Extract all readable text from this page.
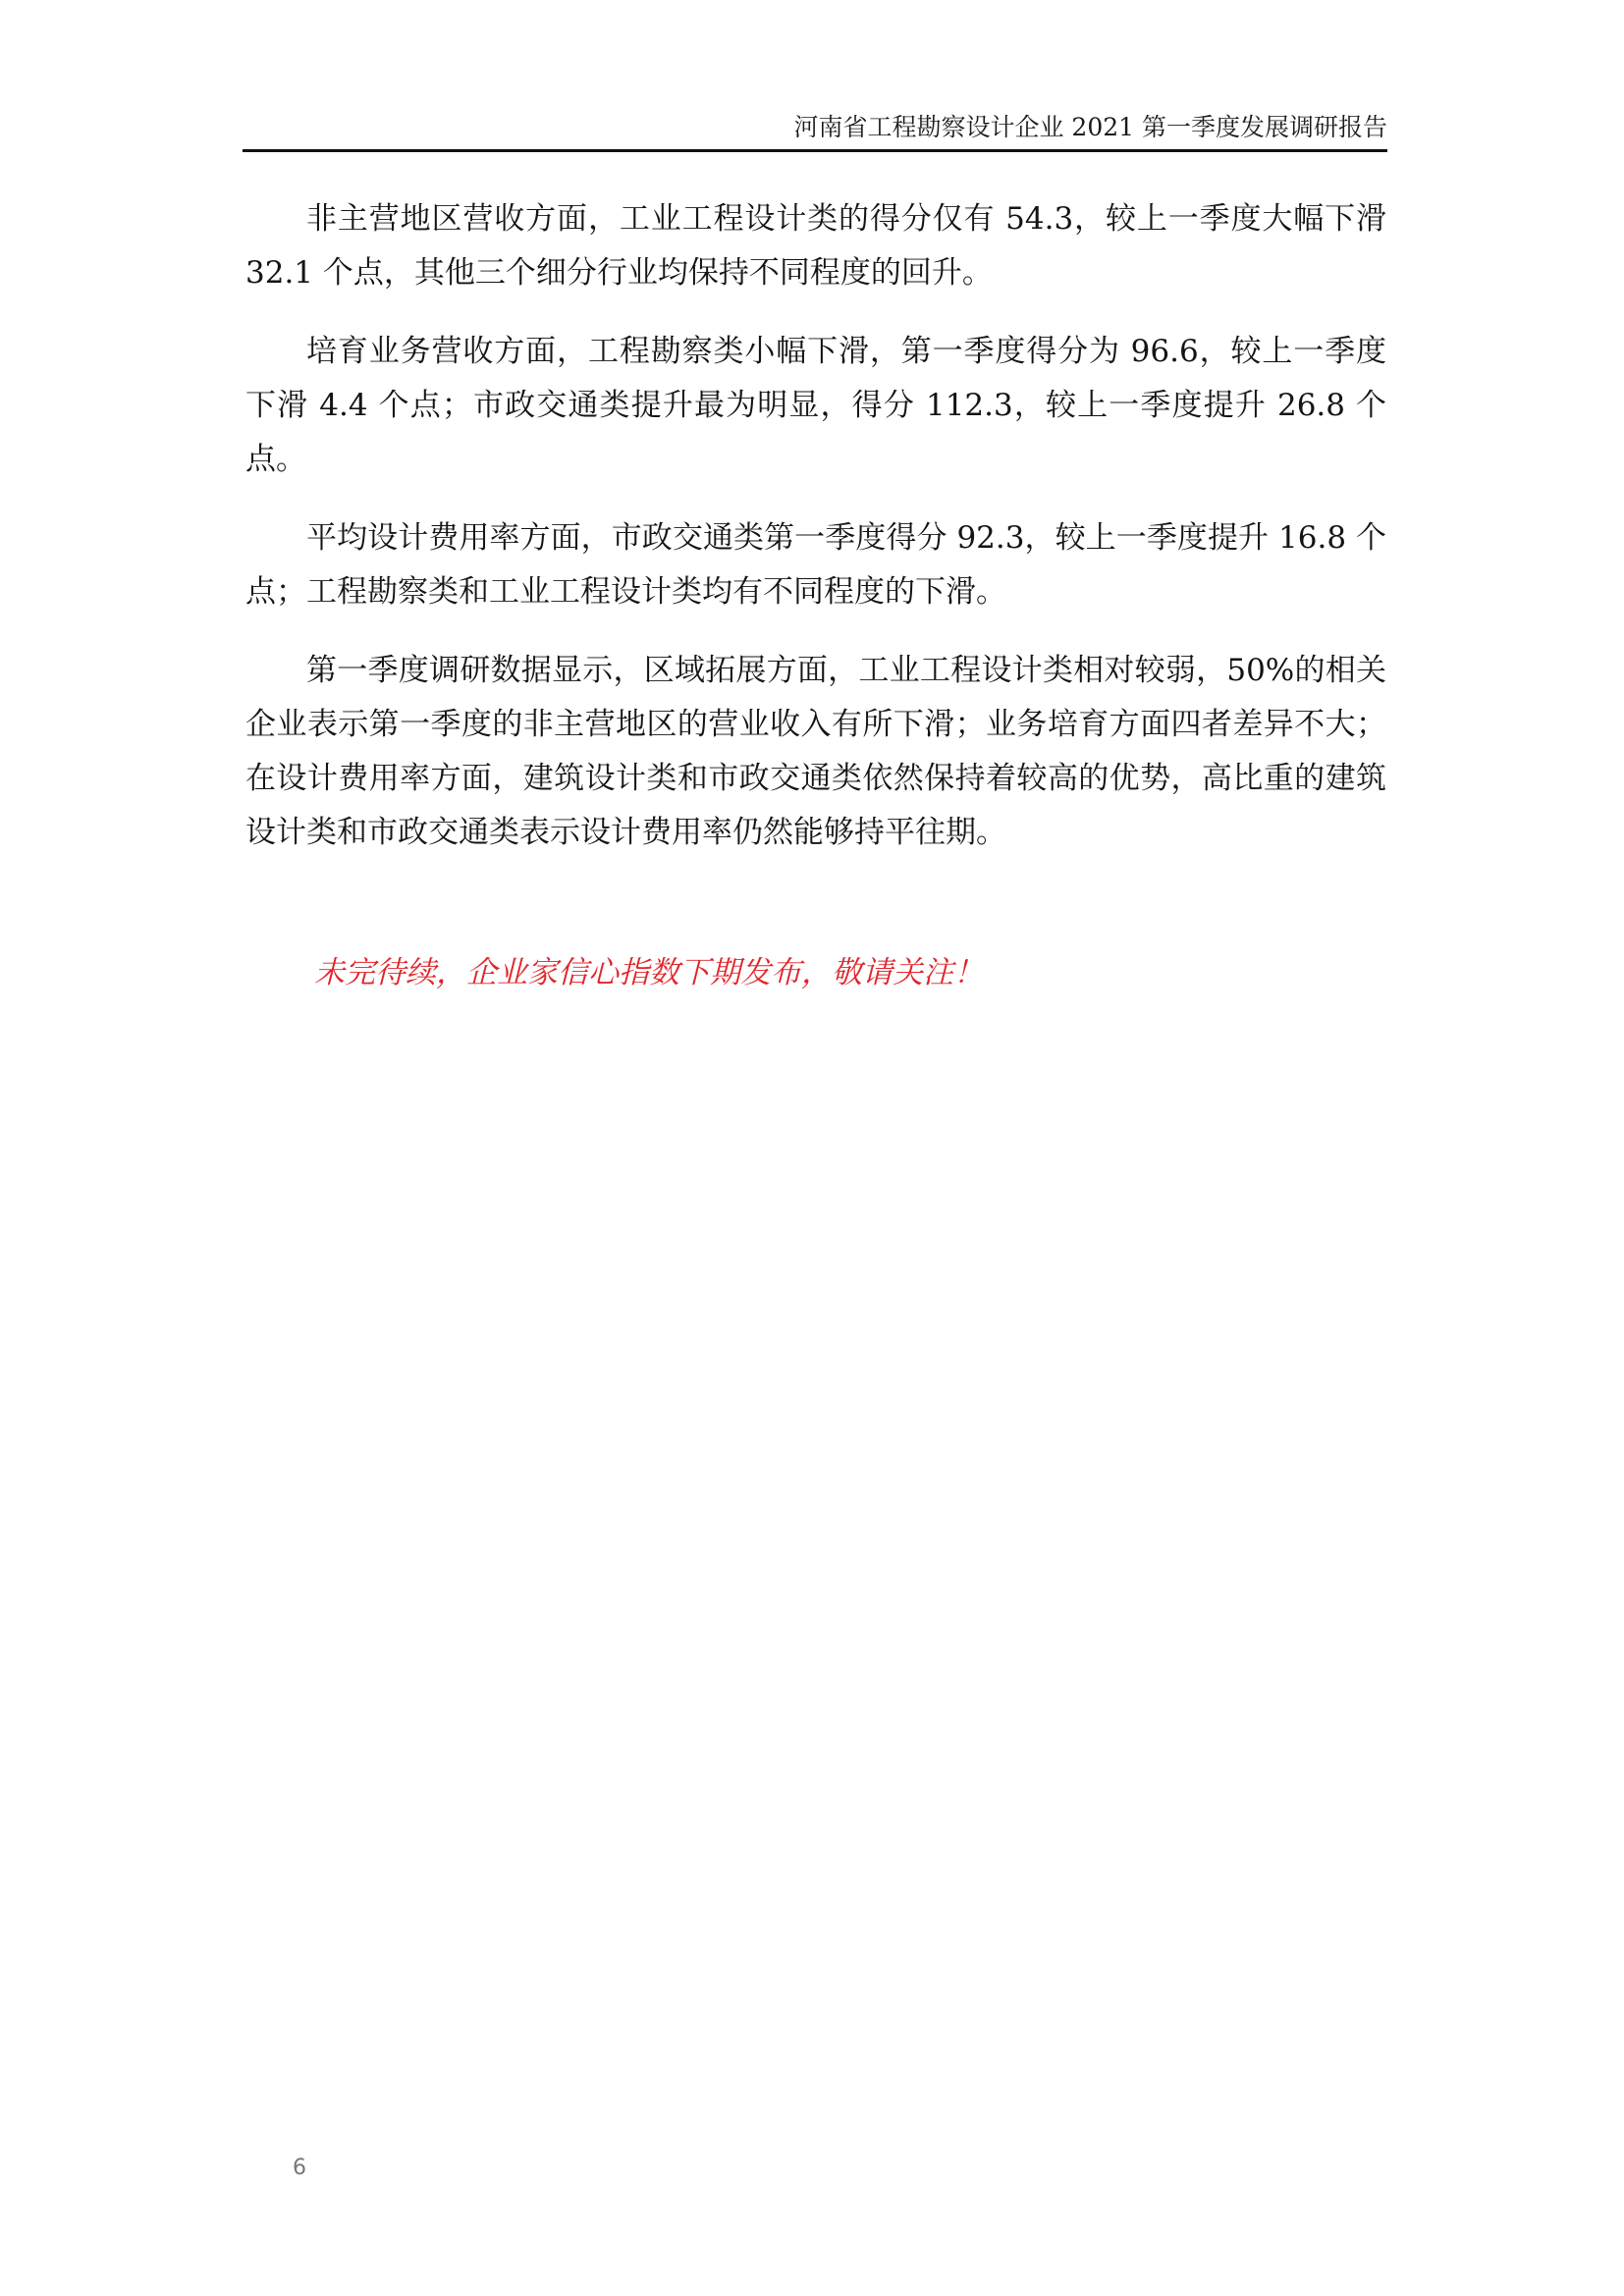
河南省工程勘察设计企业 2021 第一季度发展调研报告

非主营地区营收方面，工业工程设计类的得分仅有 54.3，较上一季度大幅下滑 32.1 个点，其他三个细分行业均保持不同程度的回升。

培育业务营收方面，工程勘察类小幅下滑，第一季度得分为 96.6，较上一季度下滑 4.4 个点；市政交通类提升最为明显，得分 112.3，较上一季度提升 26.8 个点。

平均设计费用率方面，市政交通类第一季度得分 92.3，较上一季度提升 16.8 个点；工程勘察类和工业工程设计类均有不同程度的下滑。

第一季度调研数据显示，区域拓展方面，工业工程设计类相对较弱，50%的相关企业表示第一季度的非主营地区的营业收入有所下滑；业务培育方面四者差异不大；在设计费用率方面，建筑设计类和市政交通类依然保持着较高的优势，高比重的建筑设计类和市政交通类表示设计费用率仍然能够持平往期。

未完待续，企业家信心指数下期发布，敬请关注！
6
